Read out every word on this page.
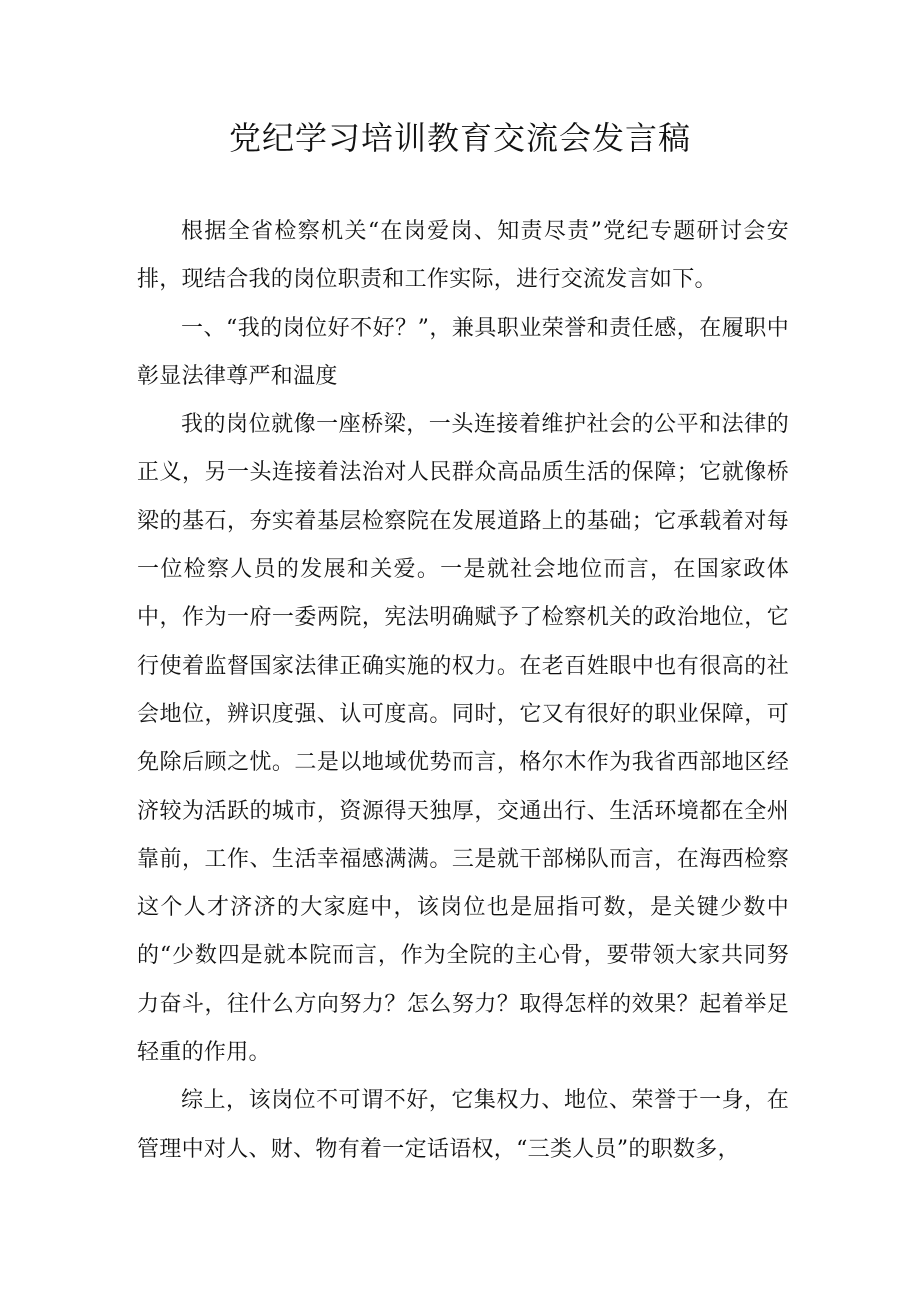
党纪学习培训教育交流会发言稿

根据全省检察机关“在岗爱岗、知责尽责”党纪专题研讨会安排，现结合我的岗位职责和工作实际，进行交流发言如下。

一、“我的岗位好不好？”，兼具职业荣誉和责任感，在履职中彰显法律尊严和温度

我的岗位就像一座桥梁，一头连接着维护社会的公平和法律的正义，另一头连接着法治对人民群众高品质生活的保障；它就像桥梁的基石，夯实着基层检察院在发展道路上的基础；它承载着对每一位检察人员的发展和关爱。一是就社会地位而言，在国家政体中，作为一府一委两院，宪法明确赋予了检察机关的政治地位，它行使着监督国家法律正确实施的权力。在老百姓眼中也有很高的社会地位，辨识度强、认可度高。同时，它又有很好的职业保障，可免除后顾之忧。二是以地域优势而言，格尔木作为我省西部地区经济较为活跃的城市，资源得天独厚，交通出行、生活环境都在全州靠前，工作、生活幸福感满满。三是就干部梯队而言，在海西检察这个人才济济的大家庭中，该岗位也是屈指可数，是关键少数中的“少数四是就本院而言，作为全院的主心骨，要带领大家共同努力奋斗，往什么方向努力？怎么努力？取得怎样的效果？起着举足轻重的作用。

综上，该岗位不可谓不好，它集权力、地位、荣誉于一身，在管理中对人、财、物有着一定话语权，“三类人员”的职数多，
